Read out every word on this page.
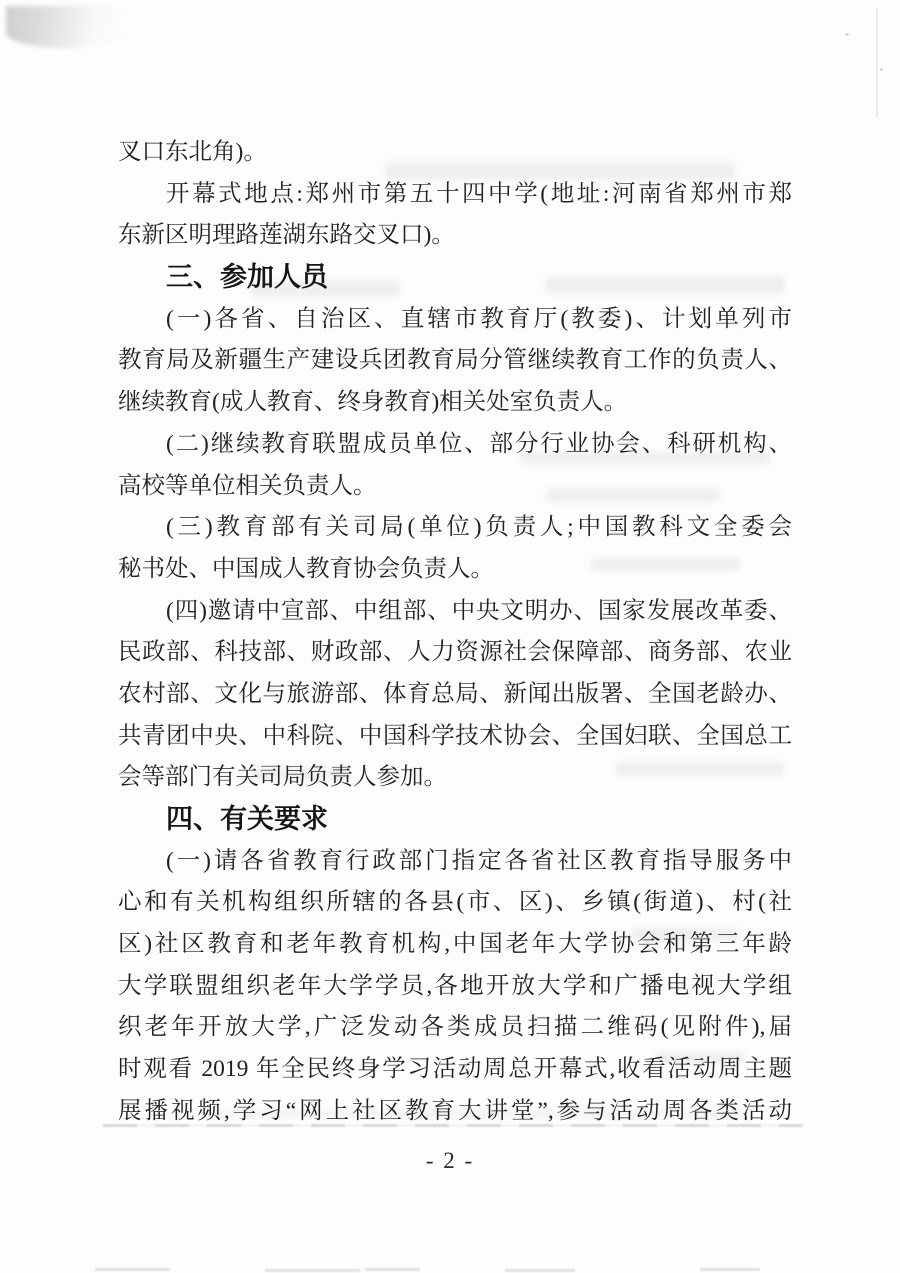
叉口东北角)。
开幕式地点:郑州市第五十四中学(地址:河南省郑州市郑
东新区明理路莲湖东路交叉口)。
三、参加人员
(一)各省、自治区、直辖市教育厅(教委)、计划单列市
教育局及新疆生产建设兵团教育局分管继续教育工作的负责人、
继续教育(成人教育、终身教育)相关处室负责人。
(二)继续教育联盟成员单位、部分行业协会、科研机构、
高校等单位相关负责人。
(三)教育部有关司局(单位)负责人;中国教科文全委会
秘书处、中国成人教育协会负责人。
(四)邀请中宣部、中组部、中央文明办、国家发展改革委、
民政部、科技部、财政部、人力资源社会保障部、商务部、农业
农村部、文化与旅游部、体育总局、新闻出版署、全国老龄办、
共青团中央、中科院、中国科学技术协会、全国妇联、全国总工
会等部门有关司局负责人参加。
四、有关要求
(一)请各省教育行政部门指定各省社区教育指导服务中
心和有关机构组织所辖的各县(市、区)、乡镇(街道)、村(社
区)社区教育和老年教育机构,中国老年大学协会和第三年龄
大学联盟组织老年大学学员,各地开放大学和广播电视大学组
织老年开放大学,广泛发动各类成员扫描二维码(见附件),届
时观看 2019 年全民终身学习活动周总开幕式,收看活动周主题
展播视频,学习“网上社区教育大讲堂”,参与活动周各类活动
- 2 -
